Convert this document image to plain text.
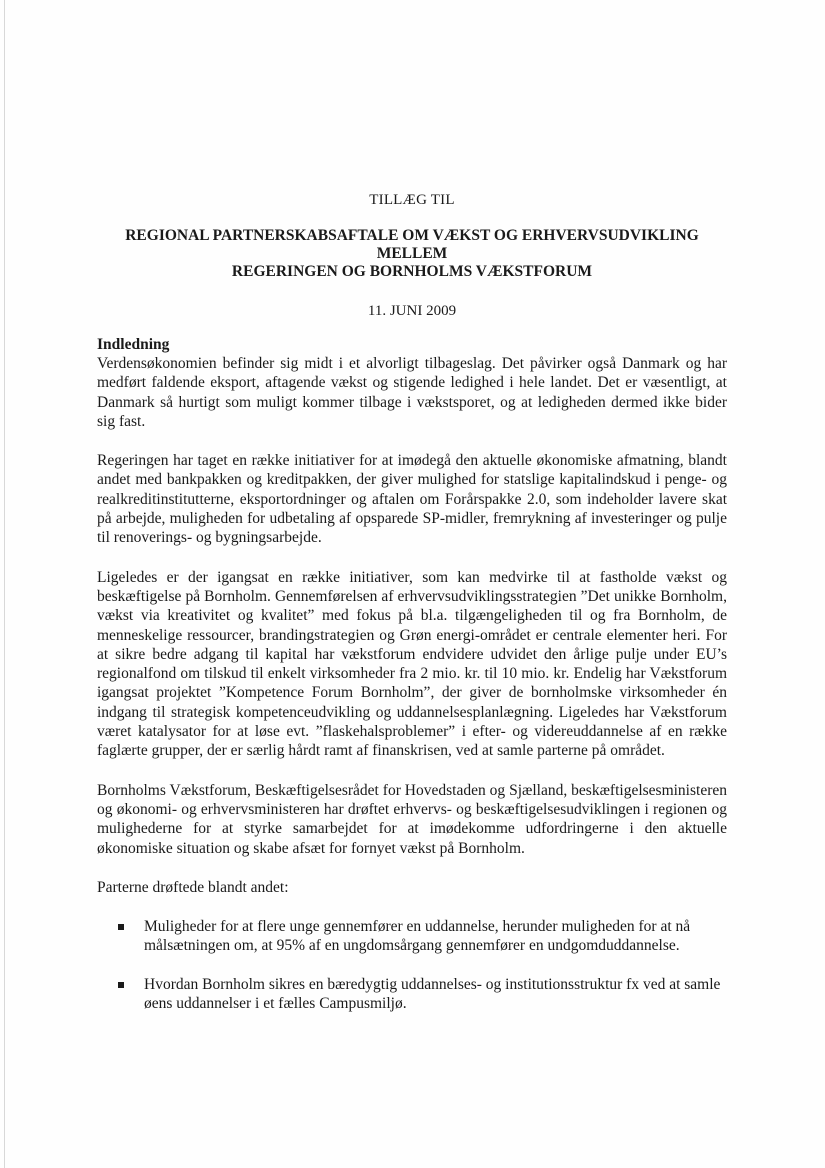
TILLÆG TIL
REGIONAL PARTNERSKABSAFTALE OM VÆKST OG ERHVERVSUDVIKLING
MELLEM
REGERINGEN OG BORNHOLMS VÆKSTFORUM
11. JUNI 2009
Indledning

Verdensøkonomien befinder sig midt i et alvorligt tilbageslag. Det påvirker også Danmark og har medført faldende eksport, aftagende vækst og stigende ledighed i hele landet. Det er væsentligt, at Danmark så hurtigt som muligt kommer tilbage i vækstsporet, og at ledigheden dermed ikke bider sig fast.

Regeringen har taget en række initiativer for at imødegå den aktuelle økonomiske afmatning, blandt andet med bankpakken og kreditpakken, der giver mulighed for statslige kapitalindskud i penge- og realkreditinstitutterne, eksportordninger og aftalen om Forårspakke 2.0, som indeholder lavere skat på arbejde, muligheden for udbetaling af opsparede SP-midler, fremrykning af investeringer og pulje til renoverings- og bygningsarbejde.

Ligeledes er der igangsat en række initiativer, som kan medvirke til at fastholde vækst og beskæftigelse på Bornholm. Gennemførelsen af erhvervsudviklingsstrategien ”Det unikke Bornholm, vækst via kreativitet og kvalitet” med fokus på bl.a. tilgængeligheden til og fra Bornholm, de menneskelige ressourcer, brandingstrategien og Grøn energi-området er centrale elementer heri. For at sikre bedre adgang til kapital har vækstforum endvidere udvidet den årlige pulje under EU’s regionalfond om tilskud til enkelt virksomheder fra 2 mio. kr. til 10 mio. kr. Endelig har Vækstforum igangsat projektet ”Kompetence Forum Bornholm”, der giver de bornholmske virksomheder én indgang til strategisk kompetenceudvikling og uddannelsesplanlægning. Ligeledes har Vækstforum været katalysator for at løse evt. ”flaskehalsproblemer” i efter- og videreuddannelse af en række faglærte grupper, der er særlig hårdt ramt af finanskrisen, ved at samle parterne på området.

Bornholms Vækstforum, Beskæftigelsesrådet for Hovedstaden og Sjælland, beskæftigelsesministeren og økonomi- og erhvervsministeren har drøftet erhvervs- og beskæftigelsesudviklingen i regionen og mulighederne for at styrke samarbejdet for at imødekomme udfordringerne i den aktuelle økonomiske situation og skabe afsæt for fornyet vækst på Bornholm.

Parterne drøftede blandt andet:

Muligheder for at flere unge gennemfører en uddannelse, herunder muligheden for at nå målsætningen om, at 95% af en ungdomsårgang gennemfører en undgomduddannelse.
Hvordan Bornholm sikres en bæredygtig uddannelses- og institutionsstruktur fx ved at samle øens uddannelser i et fælles Campusmiljø.
